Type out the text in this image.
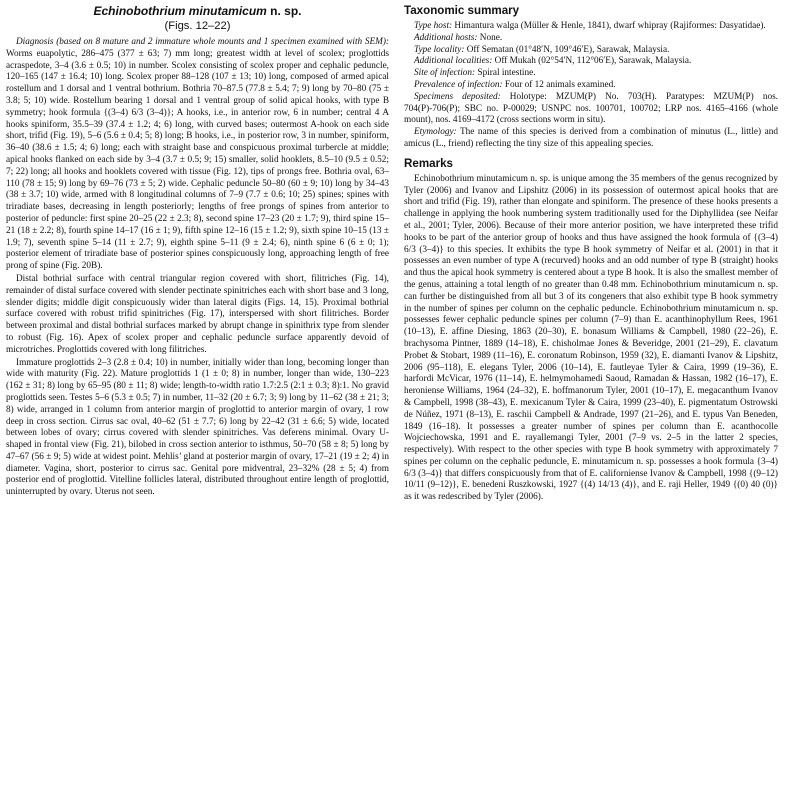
Echinobothrium minutamicum n. sp.
(Figs. 12–22)

Diagnosis (based on 8 mature and 2 immature whole mounts and 1 specimen examined with SEM): Worms euapolytic, 286–475 (377 ± 63; 7) mm long; greatest width at level of scolex; proglottids acraspedote, 3–4 (3.6 ± 0.5; 10) in number. Scolex consisting of scolex proper and cephalic peduncle, 120–165 (147 ± 16.4; 10) long. Scolex proper 88–128 (107 ± 13; 10) long, composed of armed apical rostellum and 1 dorsal and 1 ventral bothrium. Bothria 70–87.5 (77.8 ± 5.4; 7; 9) long by 70–80 (75 ± 3.8; 5; 10) wide. Rostellum bearing 1 dorsal and 1 ventral group of solid apical hooks, with type B symmetry; hook formula {(3–4) 6/3 (3–4)}; A hooks, i.e., in anterior row, 6 in number; central 4 A hooks spiniform, 35.5–39 (37.4 ± 1.2; 4; 6) long, with curved bases; outermost A-hook on each side short, trifid (Fig. 19), 5–6 (5.6 ± 0.4; 5; 8) long; B hooks, i.e., in posterior row, 3 in number, spiniform, 36–40 (38.6 ± 1.5; 4; 6) long; each with straight base and conspicuous proximal turbercle at middle; apical hooks flanked on each side by 3–4 (3.7 ± 0.5; 9; 15) smaller, solid hooklets, 8.5–10 (9.5 ± 0.52; 7; 22) long; all hooks and hooklets covered with tissue (Fig. 12), tips of prongs free. Bothria oval, 63–110 (78 ± 15; 9) long by 69–76 (73 ± 5; 2) wide. Cephalic peduncle 50–80 (60 ± 9; 10) long by 34–43 (38 ± 3.7; 10) wide, armed with 8 longitudinal columns of 7–9 (7.7 ± 0.6; 10; 25) spines; spines with triradiate bases, decreasing in length posteriorly; lengths of free prongs of spines from anterior to posterior of peduncle: first spine 20–25 (22 ± 2.3; 8), second spine 17–23 (20 ± 1.7; 9), third spine 15–21 (18 ± 2.2; 8), fourth spine 14–17 (16 ± 1; 9), fifth spine 12–16 (15 ± 1.2; 9), sixth spine 10–15 (13 ± 1.9; 7), seventh spine 5–14 (11 ± 2.7; 9), eighth spine 5–11 (9 ± 2.4; 6), ninth spine 6 (6 ± 0; 1); posterior element of triradiate base of posterior spines conspicuously long, approaching length of free prong of spine (Fig. 20B).

Distal bothrial surface with central triangular region covered with short, filitriches (Fig. 14), remainder of distal surface covered with slender pectinate spinitriches each with short base and 3 long, slender digits; middle digit conspicuously wider than lateral digits (Figs. 14, 15). Proximal bothrial surface covered with robust trifid spinitriches (Fig. 17), interspersed with short filitriches. Border between proximal and distal bothrial surfaces marked by abrupt change in spinithrix type from slender to robust (Fig. 16). Apex of scolex proper and cephalic peduncle surface apparently devoid of microtriches. Proglottids covered with long filitriches.

Immature proglottids 2–3 (2.8 ± 0.4; 10) in number, initially wider than long, becoming longer than wide with maturity (Fig. 22). Mature proglottids 1 (1 ± 0; 8) in number, longer than wide, 130–223 (162 ± 31; 8) long by 65–95 (80 ± 11; 8) wide; length-to-width ratio 1.7:2.5 (2:1 ± 0.3; 8):1. No gravid proglottids seen. Testes 5–6 (5.3 ± 0.5; 7) in number, 11–32 (20 ± 6.7; 3; 9) long by 11–62 (38 ± 21; 3; 8) wide, arranged in 1 column from anterior margin of proglottid to anterior margin of ovary, 1 row deep in cross section. Cirrus sac oval, 40–62 (51 ± 7.7; 6) long by 22–42 (31 ± 6.6; 5) wide, located between lobes of ovary; cirrus covered with slender spinitriches. Vas deferens minimal. Ovary U-shaped in frontal view (Fig. 21), bilobed in cross section anterior to isthmus, 50–70 (58 ± 8; 5) long by 47–67 (56 ± 9; 5) wide at widest point. Mehlis’ gland at posterior margin of ovary, 17–21 (19 ± 2; 4) in diameter. Vagina, short, posterior to cirrus sac. Genital pore midventral, 23–32% (28 ± 5; 4) from posterior end of proglottid. Vitelline follicles lateral, distributed throughout entire length of proglottid, uninterrupted by ovary. Uterus not seen.

Taxonomic summary

Type host: Himantura walga (Müller & Henle, 1841), dwarf whipray (Rajiformes: Dasyatidae).

Additional hosts: None.

Type locality: Off Sematan (01°48′N, 109°46′E), Sarawak, Malaysia.

Additional localities: Off Mukah (02°54′N, 112°06′E), Sarawak, Malaysia.

Site of infection: Spiral intestine.

Prevalence of infection: Four of 12 animals examined.

Specimens deposited: Holotype: MZUM(P) No. 703(H). Paratypes: MZUM(P) nos. 704(P)-706(P); SBC no. P-00029; USNPC nos. 100701, 100702; LRP nos. 4165–4166 (whole mount), nos. 4169–4172 (cross sections worm in situ).

Etymology: The name of this species is derived from a combination of minutus (L., little) and amicus (L., friend) reflecting the tiny size of this appealing species.

Remarks

Echinobothrium minutamicum n. sp. is unique among the 35 members of the genus recognized by Tyler (2006) and Ivanov and Lipshitz (2006) in its possession of outermost apical hooks that are short and trifid (Fig. 19), rather than elongate and spiniform. The presence of these hooks presents a challenge in applying the hook numbering system traditionally used for the Diphyllidea (see Neifar et al., 2001; Tyler, 2006). Because of their more anterior position, we have interpreted these trifid hooks to be part of the anterior group of hooks and thus have assigned the hook formula of {(3–4) 6/3 (3–4)} to this species. It exhibits the type B hook symmetry of Neifar et al. (2001) in that it possesses an even number of type A (recurved) hooks and an odd number of type B (straight) hooks and thus the apical hook symmetry is centered about a type B hook. It is also the smallest member of the genus, attaining a total length of no greater than 0.48 mm. Echinobothrium minutamicum n. sp. can further be distinguished from all but 3 of its congeners that also exhibit type B hook symmetry in the number of spines per column on the cephalic peduncle. Echinobothrium minutamicum n. sp. possesses fewer cephalic peduncle spines per column (7–9) than E. acanthinophyllum Rees, 1961 (10–13), E. affine Diesing, 1863 (20–30), E. bonasum Williams & Campbell, 1980 (22–26), E. brachysoma Pintner, 1889 (14–18), E. chisholmae Jones & Beveridge, 2001 (21–29), E. clavatum Probet & Stobart, 1989 (11–16), E. coronatum Robinson, 1959 (32), E. diamanti Ivanov & Lipshitz, 2006 (95–118), E. elegans Tyler, 2006 (10–14), E. fautleyae Tyler & Caira, 1999 (19–36), E. harfordi McVicar, 1976 (11–14), E. helmymohamedi Saoud, Ramadan & Hassan, 1982 (16–17), E. heroniense Williams, 1964 (24–32), E. hoffmanorum Tyler, 2001 (10–17), E. megacanthum Ivanov & Campbell, 1998 (38–43), E. mexicanum Tyler & Caira, 1999 (23–40), E. pigmentatum Ostrowski de Núñez, 1971 (8–13), E. raschii Campbell & Andrade, 1997 (21–26), and E. typus Van Beneden, 1849 (16–18). It possesses a greater number of spines per column than E. acanthocolle Wojciechowska, 1991 and E. rayallemangi Tyler, 2001 (7–9 vs. 2–5 in the latter 2 species, respectively). With respect to the other species with type B hook symmetry with approximately 7 spines per column on the cephalic peduncle, E. minutamicum n. sp. possesses a hook formula {3–4) 6/3 (3–4)} that differs conspicuously from that of E. californiense Ivanov & Campbell, 1998 {(9–12) 10/11 (9–12)}, E. benedeni Ruszkowski, 1927 {(4) 14/13 (4)}, and E. raji Heller, 1949 {(0) 40 (0)} as it was redescribed by Tyler (2006).
